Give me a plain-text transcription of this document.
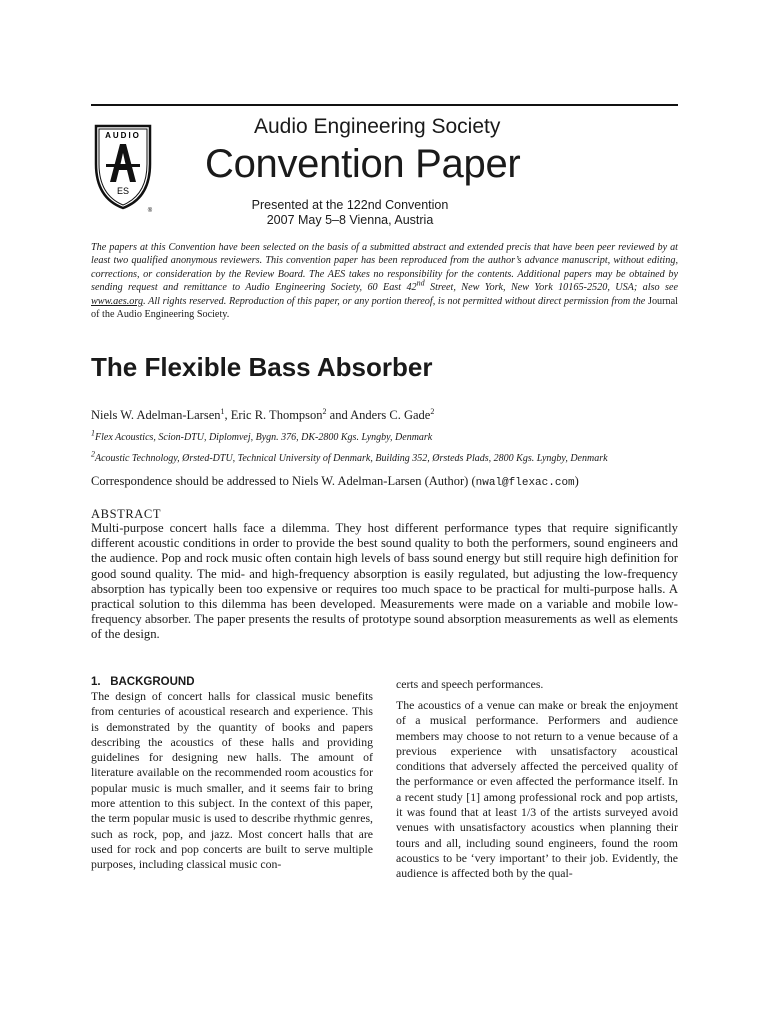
AUDIO
ES
®
Audio Engineering Society
Convention Paper
Presented at the 122nd Convention
2007 May 5–8 Vienna, Austria
The papers at this Convention have been selected on the basis of a submitted abstract and extended precis that have been peer reviewed by at least two qualified anonymous reviewers. This convention paper has been reproduced from the author’s advance manuscript, without editing, corrections, or consideration by the Review Board. The AES takes no responsibility for the contents. Additional papers may be obtained by sending request and remittance to Audio Engineering Society, 60 East 42nd Street, New York, New York 10165-2520, USA; also see www.aes.org. All rights reserved. Reproduction of this paper, or any portion thereof, is not permitted without direct permission from the Journal of the Audio Engineering Society.
The Flexible Bass Absorber
Niels W. Adelman-Larsen$^1$, Eric R. Thompson$^2$ and Anders C. Gade$^2$
$^1$Flex Acoustics, Scion-DTU, Diplomvej, Bygn. 376, DK-2800 Kgs. Lyngby, Denmark
$^2$Acoustic Technology, Ørsted-DTU, Technical University of Denmark, Building 352, Ørsteds Plads, 2800 Kgs. Lyngby, Denmark
Correspondence should be addressed to Niels W. Adelman-Larsen (Author) (nwal@flexac.com)
ABSTRACT
Multi-purpose concert halls face a dilemma. They host different performance types that require significantly different acoustic conditions in order to provide the best sound quality to both the performers, sound engineers and the audience. Pop and rock music often contain high levels of bass sound energy but still require high definition for good sound quality. The mid- and high-frequency absorption is easily regulated, but adjusting the low-frequency absorption has typically been too expensive or requires too much space to be practical for multi-purpose halls. A practical solution to this dilemma has been developed. Measurements were made on a variable and mobile low-frequency absorber. The paper presents the results of prototype sound absorption measurements as well as elements of the design.
1. BACKGROUND
The design of concert halls for classical music benefits from centuries of acoustical research and experience. This is demonstrated by the quantity of books and papers describing the acoustics of these halls and providing guidelines for designing new halls. The amount of literature available on the recommended room acoustics for popular music is much smaller, and it seems fair to bring more attention to this subject. In the context of this paper, the term popular music is used to describe rhythmic genres, such as rock, pop, and jazz. Most concert halls that are used for rock and pop concerts are built to serve multiple purposes, including classical music con-
certs and speech performances.
The acoustics of a venue can make or break the enjoyment of a musical performance. Performers and audience members may choose to not return to a venue because of a previous experience with unsatisfactory acoustical conditions that adversely affected the perceived quality of the performance or even affected the performance itself. In a recent study [1] among professional rock and pop artists, it was found that at least 1/3 of the artists surveyed avoid venues with unsatisfactory acoustics when planning their tours and all, including sound engineers, found the room acoustics to be ‘very important’ to their job. Evidently, the audience is affected both by the qual-
